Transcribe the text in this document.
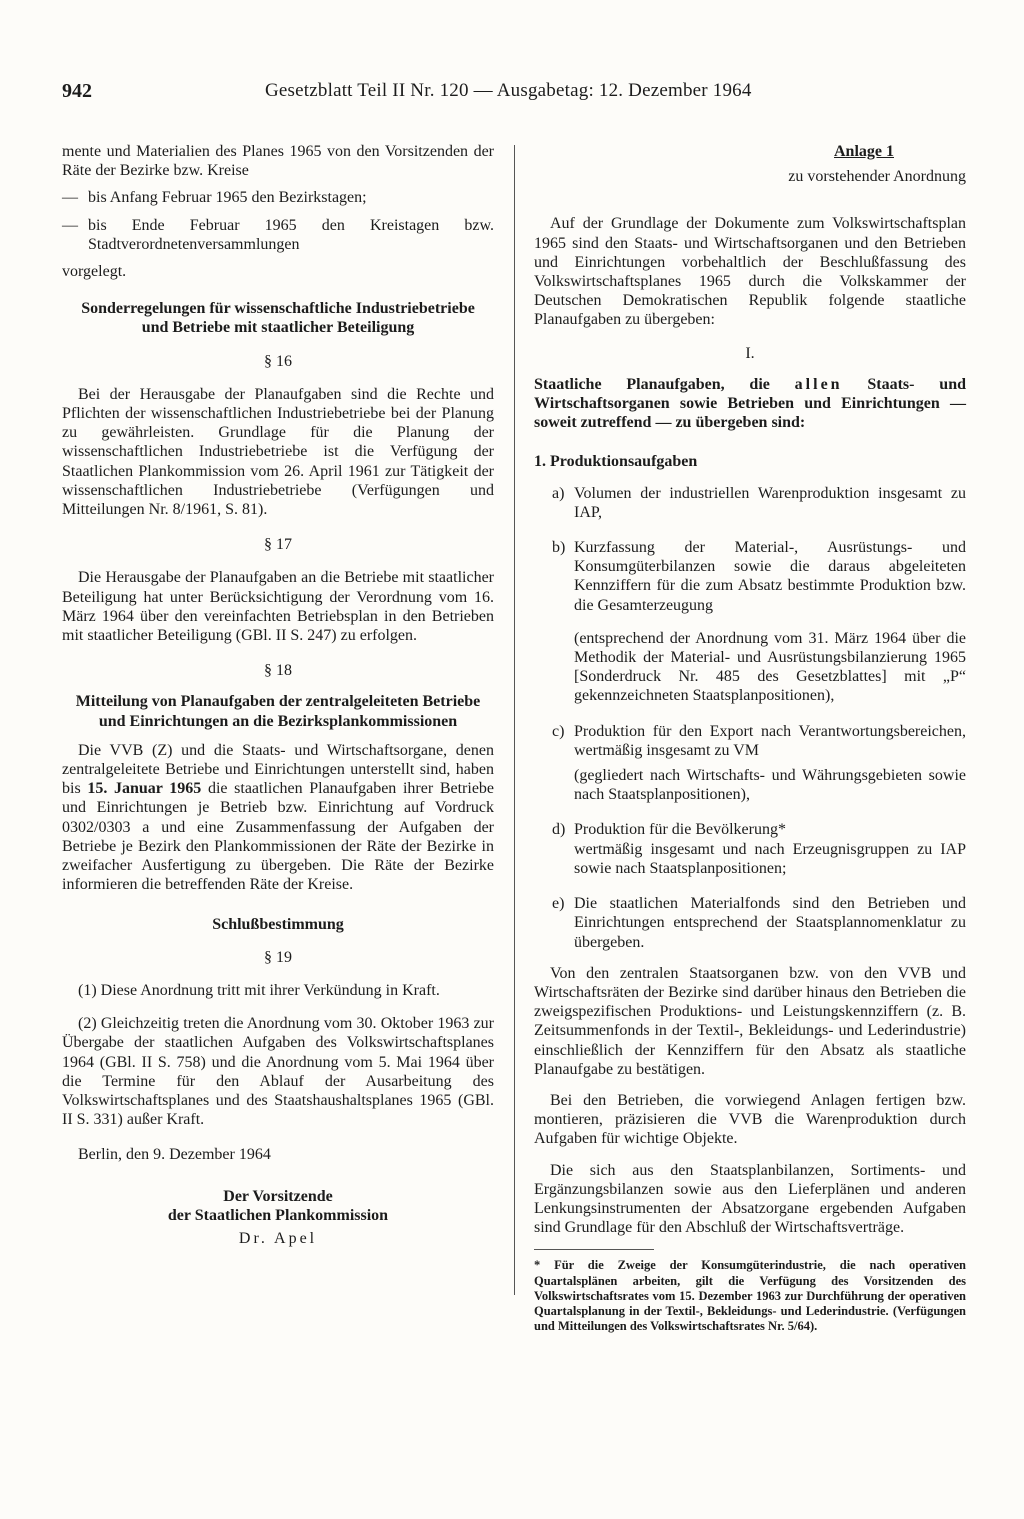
942	Gesetzblatt Teil II Nr. 120 — Ausgabetag: 12. Dezember 1964

mente und Materialien des Planes 1965 von den Vorsitzenden der Räte der Bezirke bzw. Kreise

— bis Anfang Februar 1965 den Bezirkstagen;
— bis Ende Februar 1965 den Kreistagen bzw. Stadtverordnetenversammlungen

vorgelegt.

Sonderregelungen für wissenschaftliche Industriebetriebe und Betriebe mit staatlicher Beteiligung

§ 16

Bei der Herausgabe der Planaufgaben sind die Rechte und Pflichten der wissenschaftlichen Industriebetriebe bei der Planung zu gewährleisten. Grundlage für die Planung der wissenschaftlichen Industriebetriebe ist die Verfügung der Staatlichen Plankommission vom 26. April 1961 zur Tätigkeit der wissenschaftlichen Industriebetriebe (Verfügungen und Mitteilungen Nr. 8/1961, S. 81).

§ 17

Die Herausgabe der Planaufgaben an die Betriebe mit staatlicher Beteiligung hat unter Berücksichtigung der Verordnung vom 16. März 1964 über den vereinfachten Betriebsplan in den Betrieben mit staatlicher Beteiligung (GBl. II S. 247) zu erfolgen.

§ 18

Mitteilung von Planaufgaben der zentralgeleiteten Betriebe und Einrichtungen an die Bezirksplankommissionen

Die VVB (Z) und die Staats- und Wirtschaftsorgane, denen zentralgeleitete Betriebe und Einrichtungen unterstellt sind, haben bis 15. Januar 1965 die staatlichen Planaufgaben ihrer Betriebe und Einrichtungen je Betrieb bzw. Einrichtung auf Vordruck 0302/0303 a und eine Zusammenfassung der Aufgaben der Betriebe je Bezirk den Plankommissionen der Räte der Bezirke in zweifacher Ausfertigung zu übergeben. Die Räte der Bezirke informieren die betreffenden Räte der Kreise.

Schlußbestimmung

§ 19

(1) Diese Anordnung tritt mit ihrer Verkündung in Kraft.

(2) Gleichzeitig treten die Anordnung vom 30. Oktober 1963 zur Übergabe der staatlichen Aufgaben des Volkswirtschaftsplanes 1964 (GBl. II S. 758) und die Anordnung vom 5. Mai 1964 über die Termine für den Ablauf der Ausarbeitung des Volkswirtschaftsplanes und des Staatshaushaltsplanes 1965 (GBl. II S. 331) außer Kraft.

Berlin, den 9. Dezember 1964

Der Vorsitzende

der Staatlichen Plankommission

Dr. Apel

Anlage 1

zu vorstehender Anordnung

Auf der Grundlage der Dokumente zum Volkswirtschaftsplan 1965 sind den Staats- und Wirtschaftsorganen und den Betrieben und Einrichtungen vorbehaltlich der Beschlußfassung des Volkswirtschaftsplanes 1965 durch die Volkskammer der Deutschen Demokratischen Republik folgende staatliche Planaufgaben zu übergeben:

I.

Staatliche Planaufgaben, die allen Staats- und Wirtschaftsorganen sowie Betrieben und Einrichtungen — soweit zutreffend — zu übergeben sind:

1. Produktionsaufgaben

a) Volumen der industriellen Warenproduktion insgesamt zu IAP,

b) Kurzfassung der Material-, Ausrüstungs- und Konsumgüterbilanzen sowie die daraus abgeleiteten Kennziffern für die zum Absatz bestimmte Produktion bzw. die Gesamterzeugung

(entsprechend der Anordnung vom 31. März 1964 über die Methodik der Material- und Ausrüstungsbilanzierung 1965 [Sonderdruck Nr. 485 des Gesetzblattes] mit „P“ gekennzeichneten Staatsplanpositionen),

c) Produktion für den Export nach Verantwortungsbereichen, wertmäßig insgesamt zu VM

(gegliedert nach Wirtschafts- und Währungsgebieten sowie nach Staatsplanpositionen),

d) Produktion für die Bevölkerung*

wertmäßig insgesamt und nach Erzeugnisgruppen zu IAP sowie nach Staatsplanpositionen;

e) Die staatlichen Materialfonds sind den Betrieben und Einrichtungen entsprechend der Staatsplannomenklatur zu übergeben.

Von den zentralen Staatsorganen bzw. von den VVB und Wirtschaftsräten der Bezirke sind darüber hinaus den Betrieben die zweigspezifischen Produktions- und Leistungskennziffern (z. B. Zeitsummenfonds in der Textil-, Bekleidungs- und Lederindustrie) einschließlich der Kennziffern für den Absatz als staatliche Planaufgabe zu bestätigen.

Bei den Betrieben, die vorwiegend Anlagen fertigen bzw. montieren, präzisieren die VVB die Warenproduktion durch Aufgaben für wichtige Objekte.

Die sich aus den Staatsplanbilanzen, Sortiments- und Ergänzungsbilanzen sowie aus den Lieferplänen und anderen Lenkungsinstrumenten der Absatzorgane ergebenden Aufgaben sind Grundlage für den Abschluß der Wirtschaftsverträge.

* Für die Zweige der Konsumgüterindustrie, die nach operativen Quartalsplänen arbeiten, gilt die Verfügung des Vorsitzenden des Volkswirtschaftsrates vom 15. Dezember 1963 zur Durchführung der operativen Quartalsplanung in der Textil-, Bekleidungs- und Lederindustrie. (Verfügungen und Mitteilungen des Volkswirtschaftsrates Nr. 5/64).
